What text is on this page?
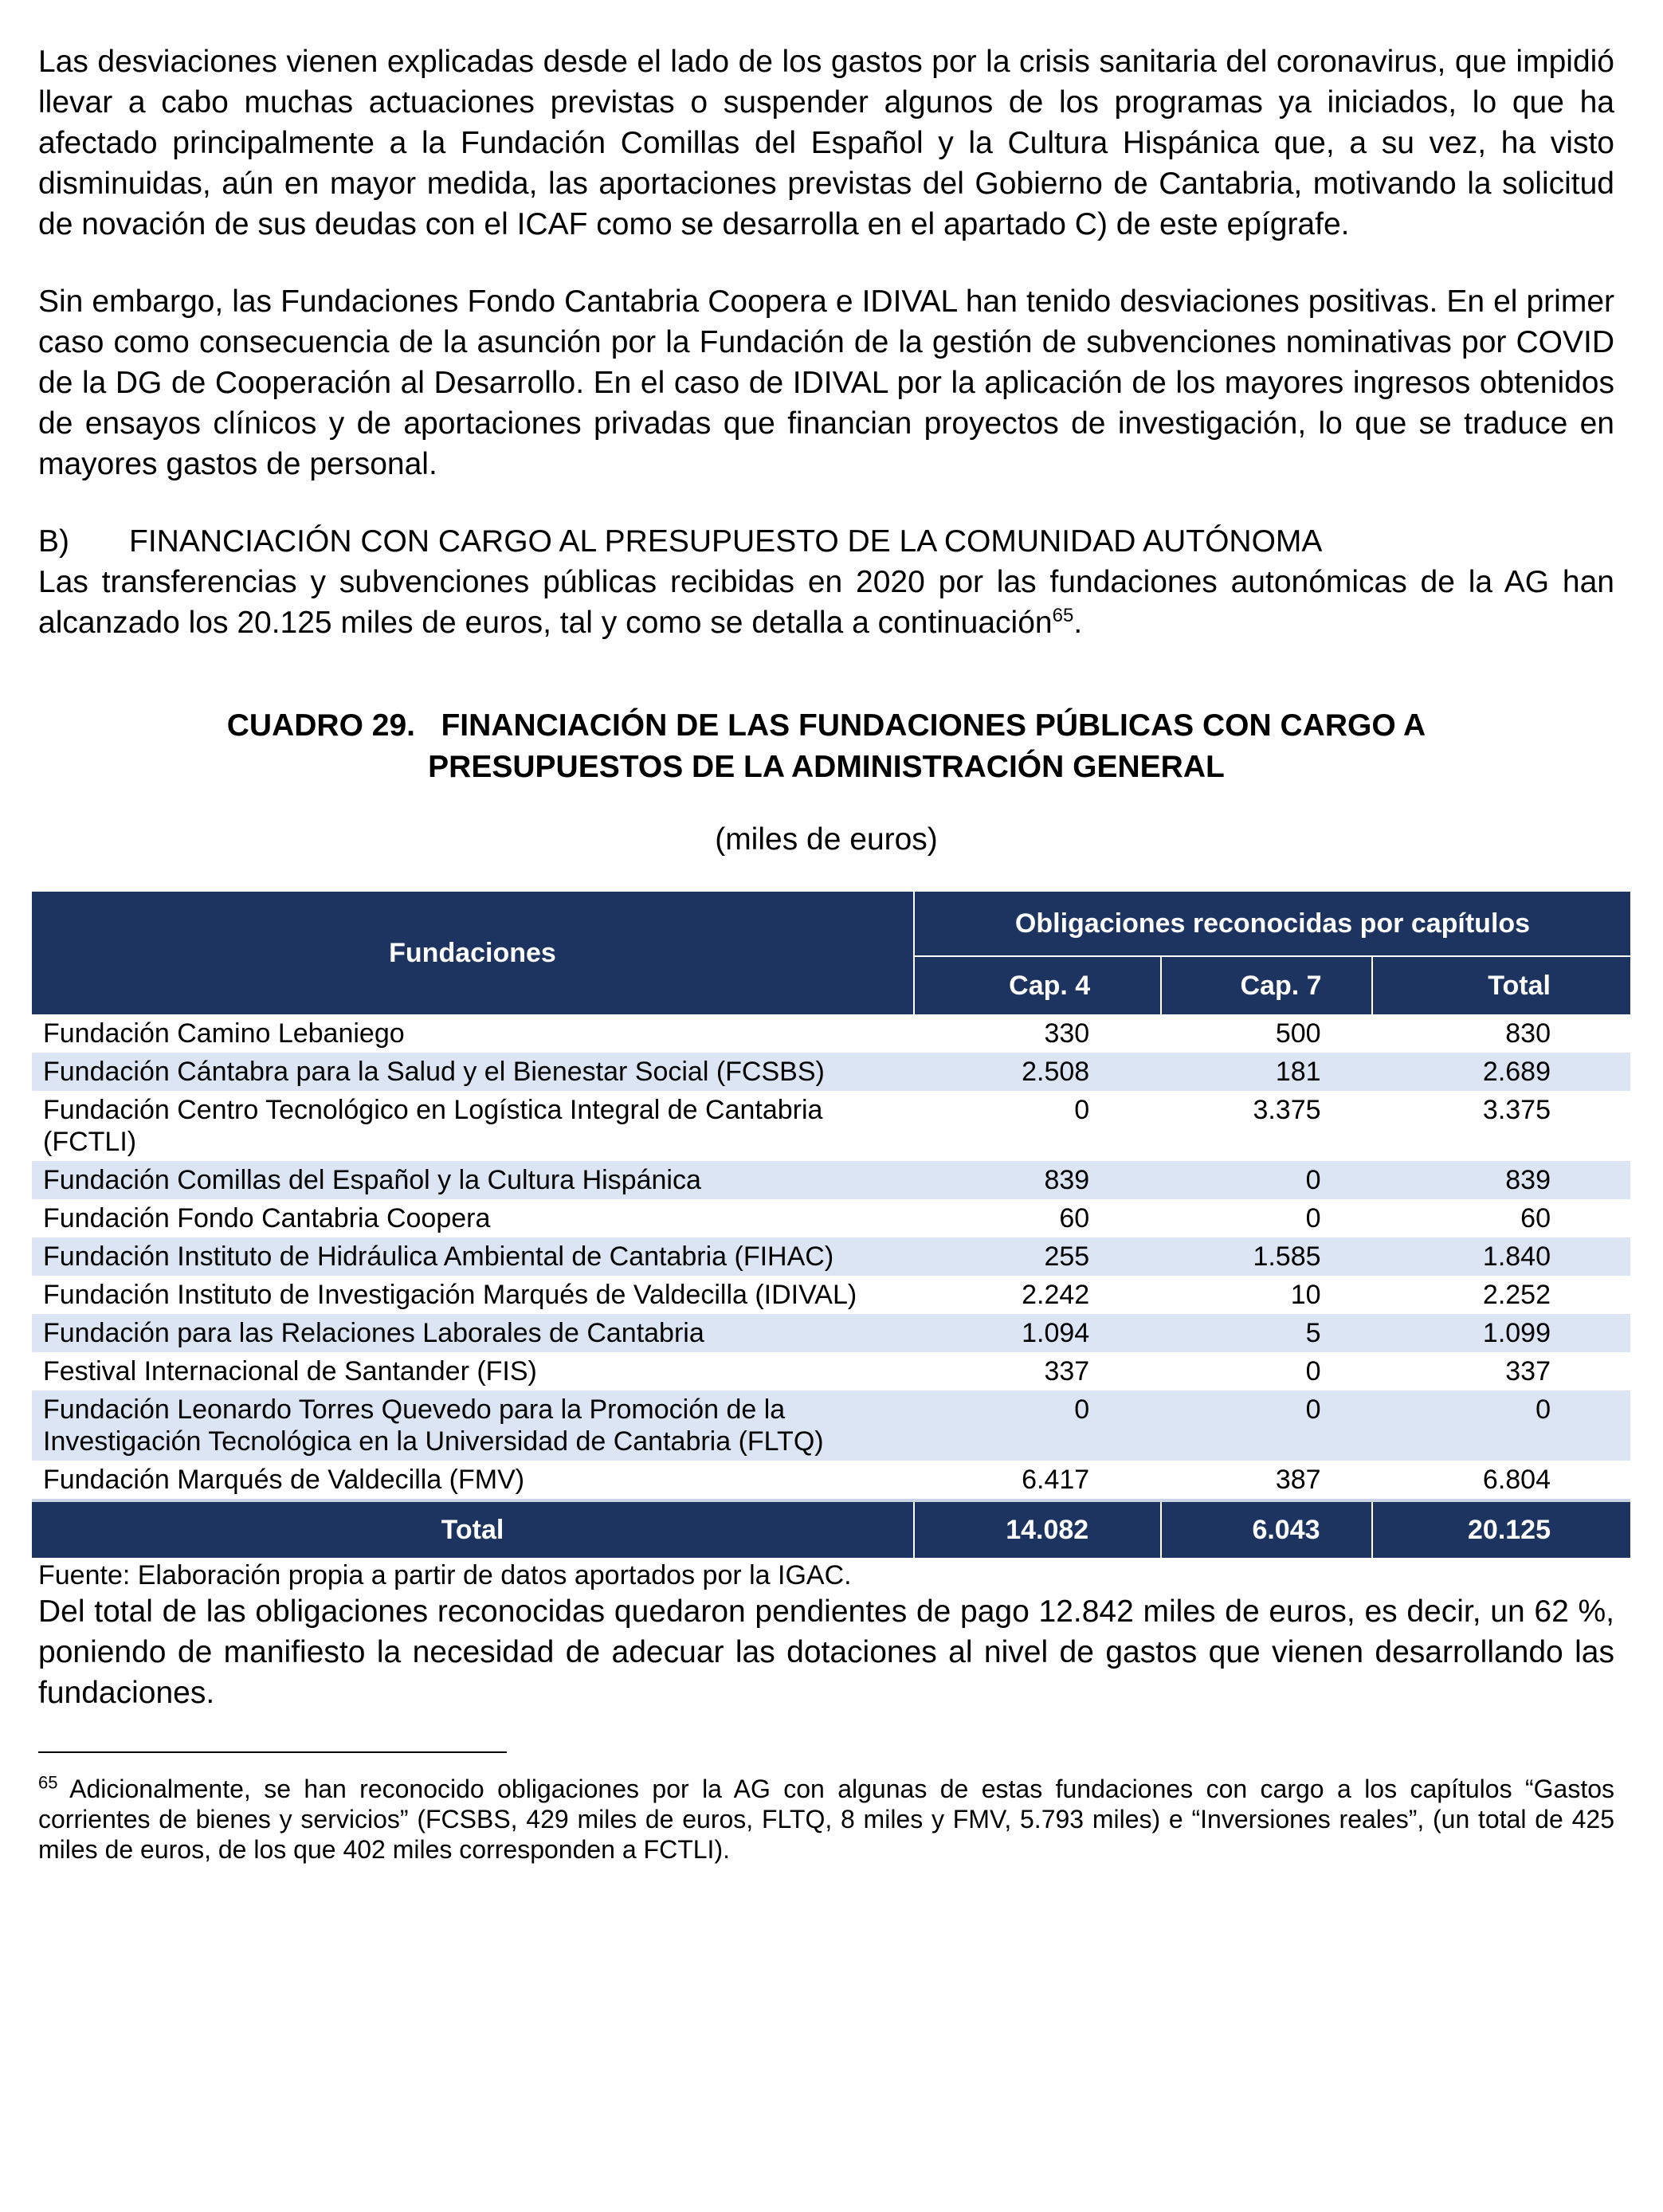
Las desviaciones vienen explicadas desde el lado de los gastos por la crisis sanitaria del coronavirus, que impidió llevar a cabo muchas actuaciones previstas o suspender algunos de los programas ya iniciados, lo que ha afectado principalmente a la Fundación Comillas del Español y la Cultura Hispánica que, a su vez, ha visto disminuidas, aún en mayor medida, las aportaciones previstas del Gobierno de Cantabria, motivando la solicitud de novación de sus deudas con el ICAF como se desarrolla en el apartado C) de este epígrafe.

Sin embargo, las Fundaciones Fondo Cantabria Coopera e IDIVAL han tenido desviaciones positivas. En el primer caso como consecuencia de la asunción por la Fundación de la gestión de subvenciones nominativas por COVID de la DG de Cooperación al Desarrollo. En el caso de IDIVAL por la aplicación de los mayores ingresos obtenidos de ensayos clínicos y de aportaciones privadas que financian proyectos de investigación, lo que se traduce en mayores gastos de personal.

B)	FINANCIACIÓN CON CARGO AL PRESUPUESTO DE LA COMUNIDAD AUTÓNOMA

Las transferencias y subvenciones públicas recibidas en 2020 por las fundaciones autonómicas de la AG han alcanzado los 20.125 miles de euros, tal y como se detalla a continuación$^{65}$.

CUADRO 29.   FINANCIACIÓN DE LAS FUNDACIONES PÚBLICAS CON CARGO A
PRESUPUESTOS DE LA ADMINISTRACIÓN GENERAL
(miles de euros)
Fundaciones	Obligaciones reconocidas por capítulos		
	Cap. 4	Cap. 7	Total
Fundación Camino Lebaniego	330	500	830
Fundación Cántabra para la Salud y el Bienestar Social (FCSBS)	2.508	181	2.689
Fundación Centro Tecnológico en Logística Integral de Cantabria (FCTLI)	0	3.375	3.375
Fundación Comillas del Español y la Cultura Hispánica	839	0	839
Fundación Fondo Cantabria Coopera	60	0	60
Fundación Instituto de Hidráulica Ambiental de Cantabria (FIHAC)	255	1.585	1.840
Fundación Instituto de Investigación Marqués de Valdecilla (IDIVAL)	2.242	10	2.252
Fundación para las Relaciones Laborales de Cantabria	1.094	5	1.099
Festival Internacional de Santander (FIS)	337	0	337
Fundación Leonardo Torres Quevedo para la Promoción de la Investigación Tecnológica en la Universidad de Cantabria (FLTQ)	0	0	0
Fundación Marqués de Valdecilla (FMV)	6.417	387	6.804
Total	14.082	6.043	20.125
Fuente: Elaboración propia a partir de datos aportados por la IGAC.

Del total de las obligaciones reconocidas quedaron pendientes de pago 12.842 miles de euros, es decir, un 62 %, poniendo de manifiesto la necesidad de adecuar las dotaciones al nivel de gastos que vienen desarrollando las fundaciones.

$^{65}$ Adicionalmente, se han reconocido obligaciones por la AG con algunas de estas fundaciones con cargo a los capítulos “Gastos corrientes de bienes y servicios” (FCSBS, 429 miles de euros, FLTQ, 8 miles y FMV, 5.793 miles) e “Inversiones reales”, (un total de 425 miles de euros, de los que 402 miles corresponden a FCTLI).
